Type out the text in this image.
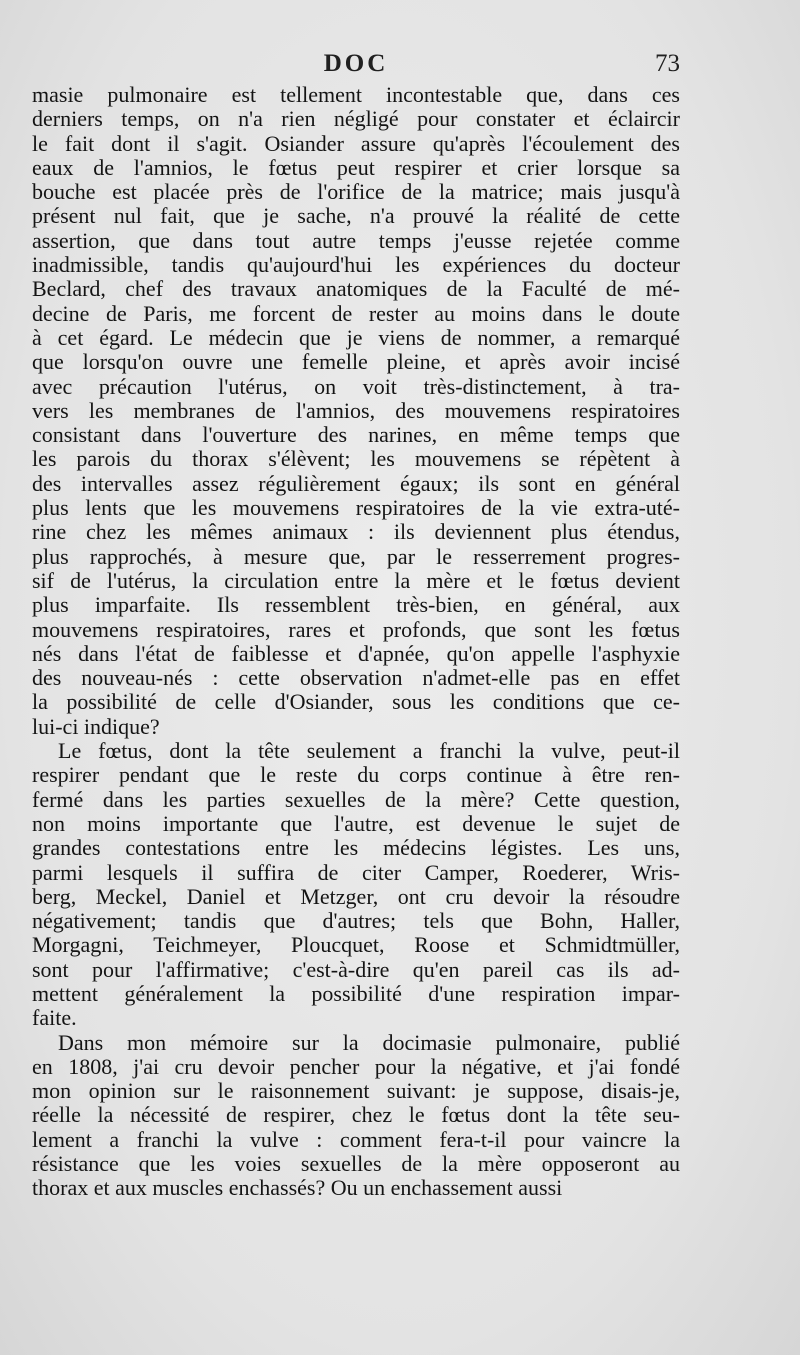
DOC	73
masie pulmonaire est tellement incontestable que, dans ces
derniers temps, on n'a rien négligé pour constater et éclaircir
le fait dont il s'agit. Osiander assure qu'après l'écoulement des
eaux de l'amnios, le fœtus peut respirer et crier lorsque sa
bouche est placée près de l'orifice de la matrice; mais jusqu'à
présent nul fait, que je sache, n'a prouvé la réalité de cette
assertion, que dans tout autre temps j'eusse rejetée comme
inadmissible, tandis qu'aujourd'hui les expériences du docteur
Beclard, chef des travaux anatomiques de la Faculté de mé-
decine de Paris, me forcent de rester au moins dans le doute
à cet égard. Le médecin que je viens de nommer, a remarqué
que lorsqu'on ouvre une femelle pleine, et après avoir incisé
avec précaution l'utérus, on voit très-distinctement, à tra-
vers les membranes de l'amnios, des mouvemens respiratoires
consistant dans l'ouverture des narines, en même temps que
les parois du thorax s'élèvent; les mouvemens se répètent à
des intervalles assez régulièrement égaux; ils sont en général
plus lents que les mouvemens respiratoires de la vie extra-uté-
rine chez les mêmes animaux : ils deviennent plus étendus,
plus rapprochés, à mesure que, par le resserrement progres-
sif de l'utérus, la circulation entre la mère et le fœtus devient
plus imparfaite. Ils ressemblent très-bien, en général, aux
mouvemens respiratoires, rares et profonds, que sont les fœtus
nés dans l'état de faiblesse et d'apnée, qu'on appelle l'asphyxie
des nouveau-nés : cette observation n'admet-elle pas en effet
la possibilité de celle d'Osiander, sous les conditions que ce-
lui-ci indique?
Le fœtus, dont la tête seulement a franchi la vulve, peut-il
respirer pendant que le reste du corps continue à être ren-
fermé dans les parties sexuelles de la mère? Cette question,
non moins importante que l'autre, est devenue le sujet de
grandes contestations entre les médecins légistes. Les uns,
parmi lesquels il suffira de citer Camper, Roederer, Wris-
berg, Meckel, Daniel et Metzger, ont cru devoir la résoudre
négativement; tandis que d'autres; tels que Bohn, Haller,
Morgagni, Teichmeyer, Ploucquet, Roose et Schmidtmüller,
sont pour l'affirmative; c'est-à-dire qu'en pareil cas ils ad-
mettent généralement la possibilité d'une respiration impar-
faite.
Dans mon mémoire sur la docimasie pulmonaire, publié
en 1808, j'ai cru devoir pencher pour la négative, et j'ai fondé
mon opinion sur le raisonnement suivant: je suppose, disais-je,
réelle la nécessité de respirer, chez le fœtus dont la tête seu-
lement a franchi la vulve : comment fera-t-il pour vaincre la
résistance que les voies sexuelles de la mère opposeront au
thorax et aux muscles enchassés? Ou un enchassement aussi
